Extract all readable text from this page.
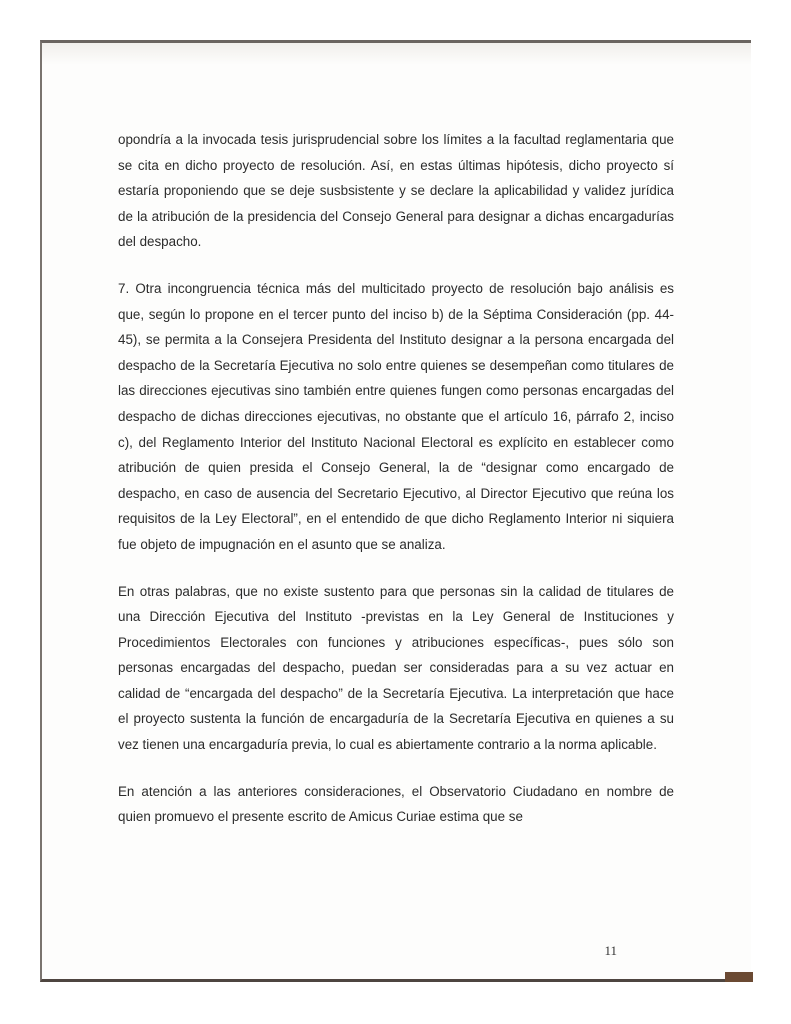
opondría a la invocada tesis jurisprudencial sobre los límites a la facultad reglamentaria que se cita en dicho proyecto de resolución. Así, en estas últimas hipótesis, dicho proyecto sí estaría proponiendo que se deje susbsistente y se declare la aplicabilidad y validez jurídica de la atribución de la presidencia del Consejo General para designar a dichas encargadurías del despacho.

7. Otra incongruencia técnica más del multicitado proyecto de resolución bajo análisis es que, según lo propone en el tercer punto del inciso b) de la Séptima Consideración (pp. 44-45), se permita a la Consejera Presidenta del Instituto designar a la persona encargada del despacho de la Secretaría Ejecutiva no solo entre quienes se desempeñan como titulares de las direcciones ejecutivas sino también entre quienes fungen como personas encargadas del despacho de dichas direcciones ejecutivas, no obstante que el artículo 16, párrafo 2, inciso c), del Reglamento Interior del Instituto Nacional Electoral es explícito en establecer como atribución de quien presida el Consejo General, la de “designar como encargado de despacho, en caso de ausencia del Secretario Ejecutivo, al Director Ejecutivo que reúna los requisitos de la Ley Electoral”, en el entendido de que dicho Reglamento Interior ni siquiera fue objeto de impugnación en el asunto que se analiza.

En otras palabras, que no existe sustento para que personas sin la calidad de titulares de una Dirección Ejecutiva del Instituto -previstas en la Ley General de Instituciones y Procedimientos Electorales con funciones y atribuciones específicas-, pues sólo son personas encargadas del despacho, puedan ser consideradas para a su vez actuar en calidad de “encargada del despacho” de la Secretaría Ejecutiva. La interpretación que hace el proyecto sustenta la función de encargaduría de la Secretaría Ejecutiva en quienes a su vez tienen una encargaduría previa, lo cual es abiertamente contrario a la norma aplicable.

En atención a las anteriores consideraciones, el Observatorio Ciudadano en nombre de quien promuevo el presente escrito de Amicus Curiae estima que se

11
